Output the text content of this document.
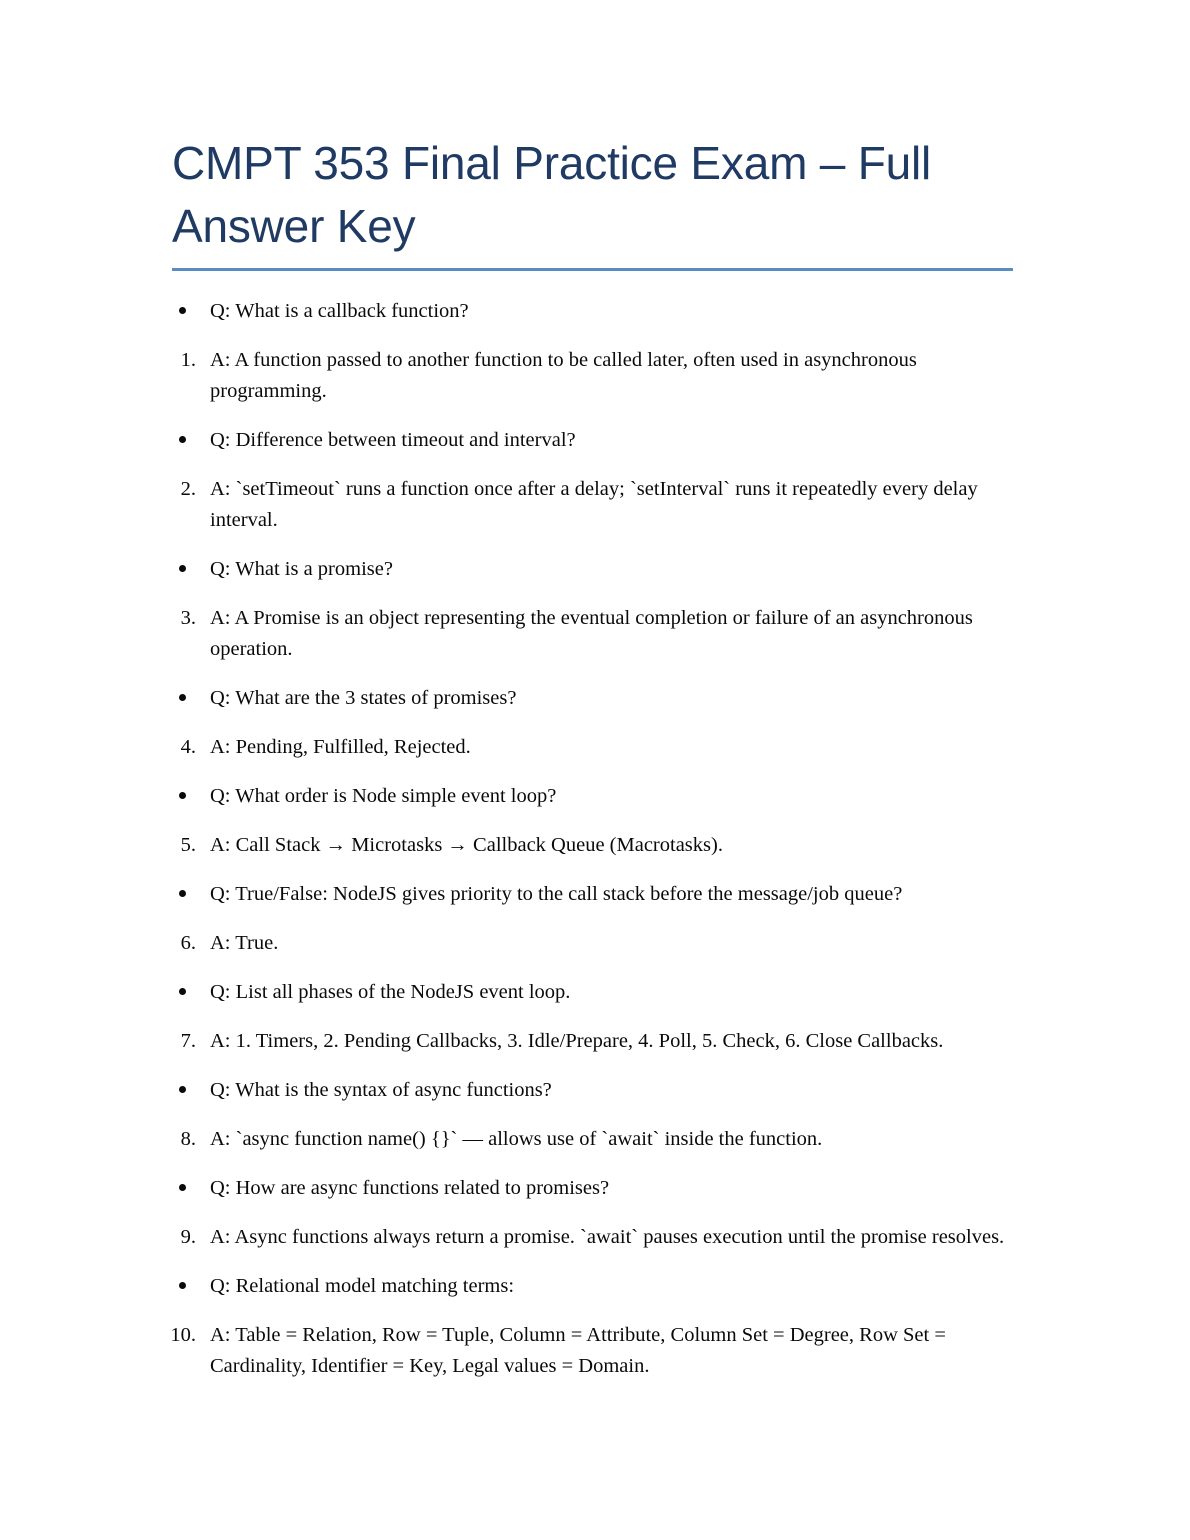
CMPT 353 Final Practice Exam – Full Answer Key
Q: What is a callback function?
1. A: A function passed to another function to be called later, often used in asynchronous programming.
Q: Difference between timeout and interval?
2. A: `setTimeout` runs a function once after a delay; `setInterval` runs it repeatedly every delay interval.
Q: What is a promise?
3. A: A Promise is an object representing the eventual completion or failure of an asynchronous operation.
Q: What are the 3 states of promises?
4. A: Pending, Fulfilled, Rejected.
Q: What order is Node simple event loop?
5. A: Call Stack → Microtasks → Callback Queue (Macrotasks).
Q: True/False: NodeJS gives priority to the call stack before the message/job queue?
6. A: True.
Q: List all phases of the NodeJS event loop.
7. A: 1. Timers, 2. Pending Callbacks, 3. Idle/Prepare, 4. Poll, 5. Check, 6. Close Callbacks.
Q: What is the syntax of async functions?
8. A: `async function name() {}` — allows use of `await` inside the function.
Q: How are async functions related to promises?
9. A: Async functions always return a promise. `await` pauses execution until the promise resolves.
Q: Relational model matching terms:
10. A: Table = Relation, Row = Tuple, Column = Attribute, Column Set = Degree, Row Set = Cardinality, Identifier = Key, Legal values = Domain.
